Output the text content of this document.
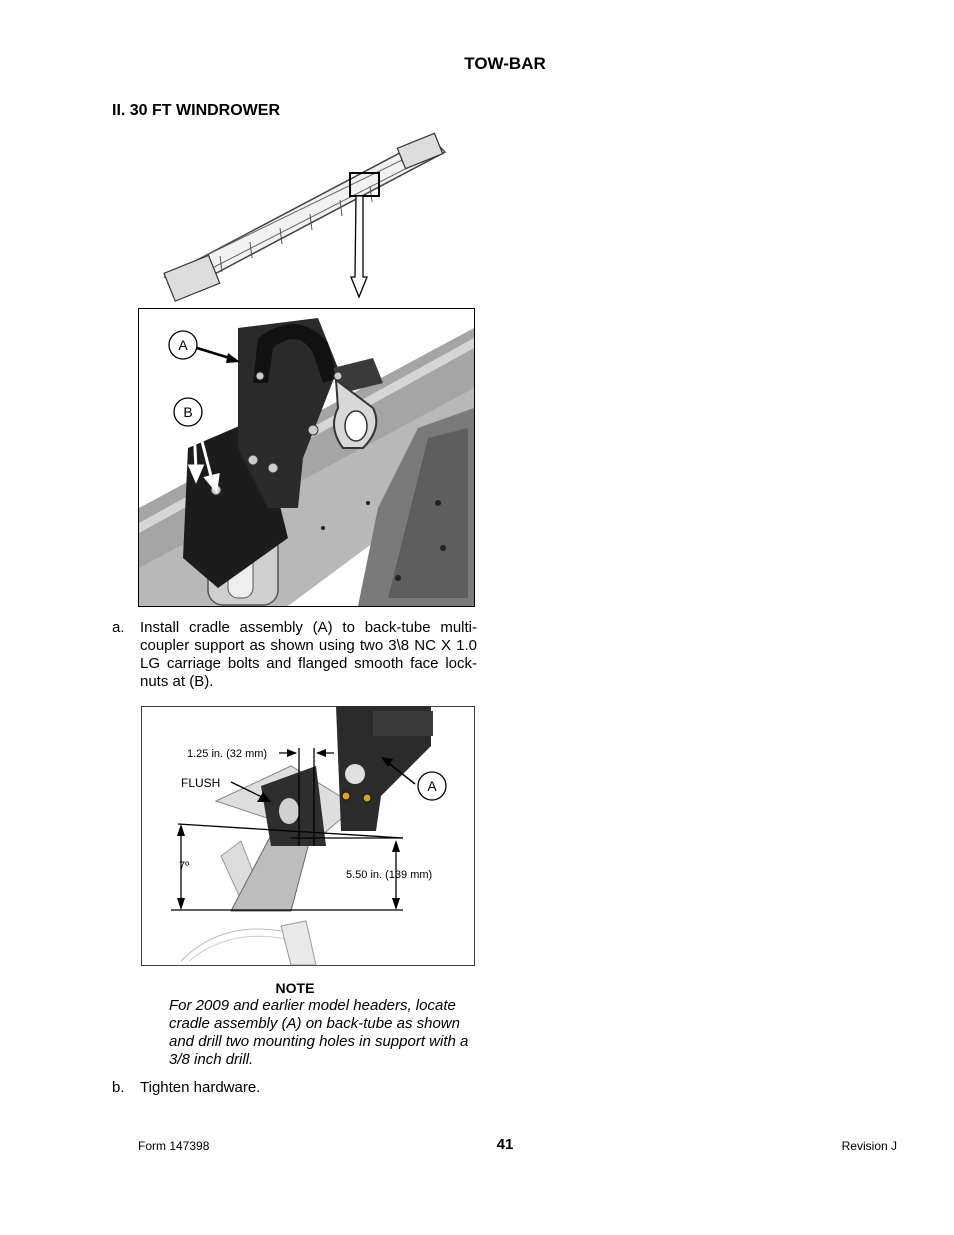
TOW-BAR
II. 30 FT WINDROWER
A
B
a. Install cradle assembly (A) to back-tube multi-coupler support as shown using two 3\8 NC X 1.0 LG carriage bolts and flanged smooth face lock-nuts at (B).
1.25 in. (32 mm)
FLUSH
7º
5.50 in. (139 mm)
A
NOTE
For 2009 and earlier model headers, locate cradle assembly (A) on back-tube as shown and drill two mounting holes in support with a 3/8 inch drill.
b. Tighten hardware.
Form 147398	41	Revision J
